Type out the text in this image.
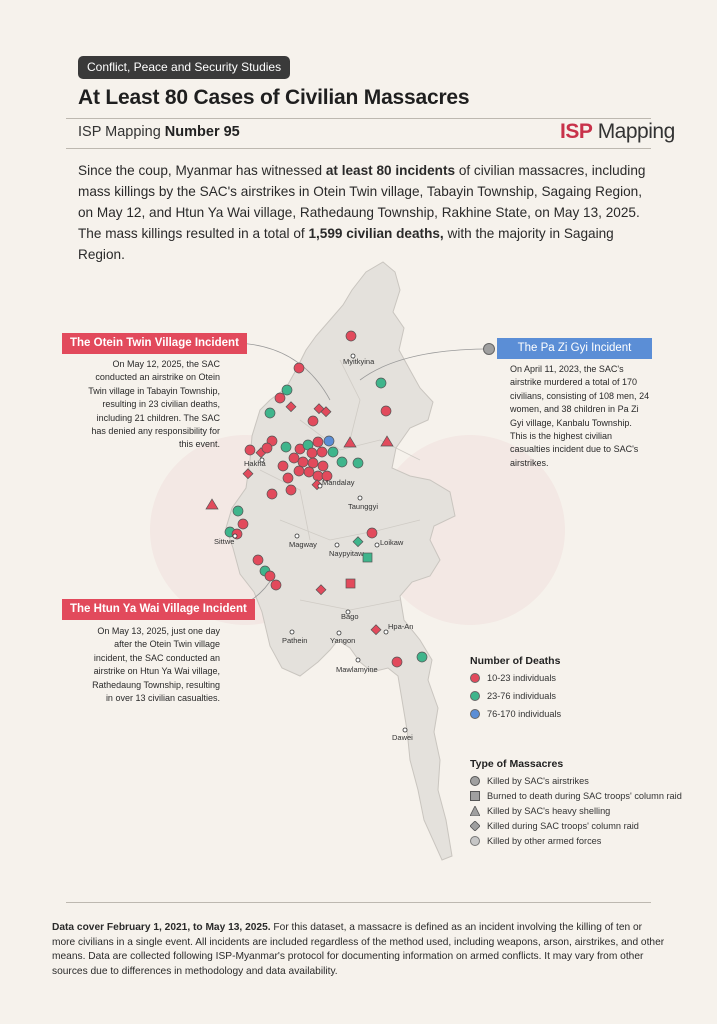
Conflict, Peace and Security Studies
At Least 80 Cases of Civilian Massacres
ISP Mapping Number 95	ISP Mapping
Since the coup, Myanmar has witnessed at least 80 incidents of civilian massacres, including mass killings by the SAC's airstrikes in Otein Twin village, Tabayin Township, Sagaing Region, on May 12, and Htun Ya Wai village, Rathedaung Township, Rakhine State, on May 13, 2025. The mass killings resulted in a total of 1,599 civilian deaths, with the majority in Sagaing Region.
Myitkyina
Hakha
Mandalay
Taunggyi
Sittwe	Magway
Naypyitaw
Loikaw
Bago
Pathein	Yangon
Hpa-An
Mawlamyine
Dawei
The Otein Twin Village Incident
On May 12, 2025, the SAC conducted an airstrike on Otein Twin village in Tabayin Township, resulting in 23 civilian deaths, including 21 children. The SAC has denied any responsibility for this event.
The Pa Zi Gyi Incident
On April 11, 2023, the SAC's airstrike murdered a total of 170 civilians, consisting of 108 men, 24 women, and 38 children in Pa Zi Gyi village, Kanbalu Township. This is the highest civilian casualties incident due to SAC's airstrikes.
The Htun Ya Wai Village Incident
On May 13, 2025, just one day after the Otein Twin village incident, the SAC conducted an airstrike on Htun Ya Wai village, Rathedaung Township, resulting in over 13 civilian casualties.
Number of Deaths
10-23 individuals
23-76 individuals
76-170 individuals
Type of Massacres
Killed by SAC's airstrikes
Burned to death during SAC troops' column raid
Killed by SAC's heavy shelling
Killed during SAC troops' column raid
Killed by other armed forces
Data cover February 1, 2021, to May 13, 2025. For this dataset, a massacre is defined as an incident involving the killing of ten or more civilians in a single event. All incidents are included regardless of the method used, including weapons, arson, airstrikes, and other means. Data are collected following ISP-Myanmar's protocol for documenting information on armed conflicts. It may vary from other sources due to differences in methodology and data availability.
